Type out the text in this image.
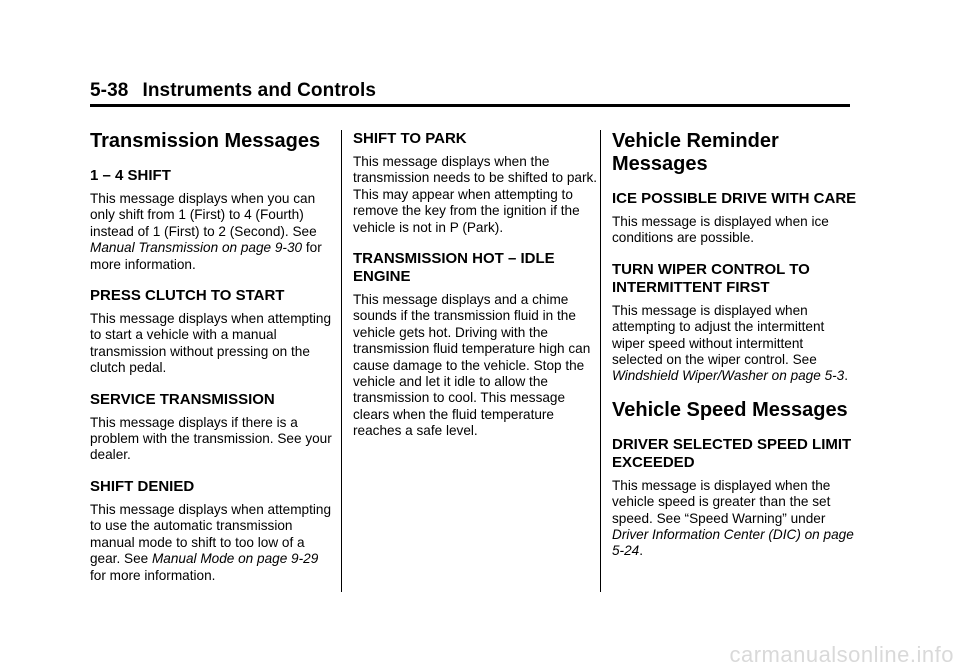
5-38 Instruments and Controls
Transmission Messages
1 – 4 SHIFT

This message displays when you can only shift from 1 (First) to 4 (Fourth) instead of 1 (First) to 2 (Second). See Manual Transmission on page 9-30 for more information.

PRESS CLUTCH TO START

This message displays when attempting to start a vehicle with a manual transmission without pressing on the clutch pedal.

SERVICE TRANSMISSION

This message displays if there is a problem with the transmission. See your dealer.

SHIFT DENIED

This message displays when attempting to use the automatic transmission manual mode to shift to too low of a gear. See Manual Mode on page 9-29 for more information.

SHIFT TO PARK

This message displays when the transmission needs to be shifted to park. This may appear when attempting to remove the key from the ignition if the vehicle is not in P (Park).

TRANSMISSION HOT – IDLE ENGINE

This message displays and a chime sounds if the transmission fluid in the vehicle gets hot. Driving with the transmission fluid temperature high can cause damage to the vehicle. Stop the vehicle and let it idle to allow the transmission to cool. This message clears when the fluid temperature reaches a safe level.

Vehicle Reminder Messages
ICE POSSIBLE DRIVE WITH CARE

This message is displayed when ice conditions are possible.

TURN WIPER CONTROL TO INTERMITTENT FIRST

This message is displayed when attempting to adjust the intermittent wiper speed without intermittent selected on the wiper control. See Windshield Wiper/Washer on page 5-3.

Vehicle Speed Messages
DRIVER SELECTED SPEED LIMIT EXCEEDED

This message is displayed when the vehicle speed is greater than the set speed. See “Speed Warning” under Driver Information Center (DIC) on page 5-24.

carmanualsonline.info
